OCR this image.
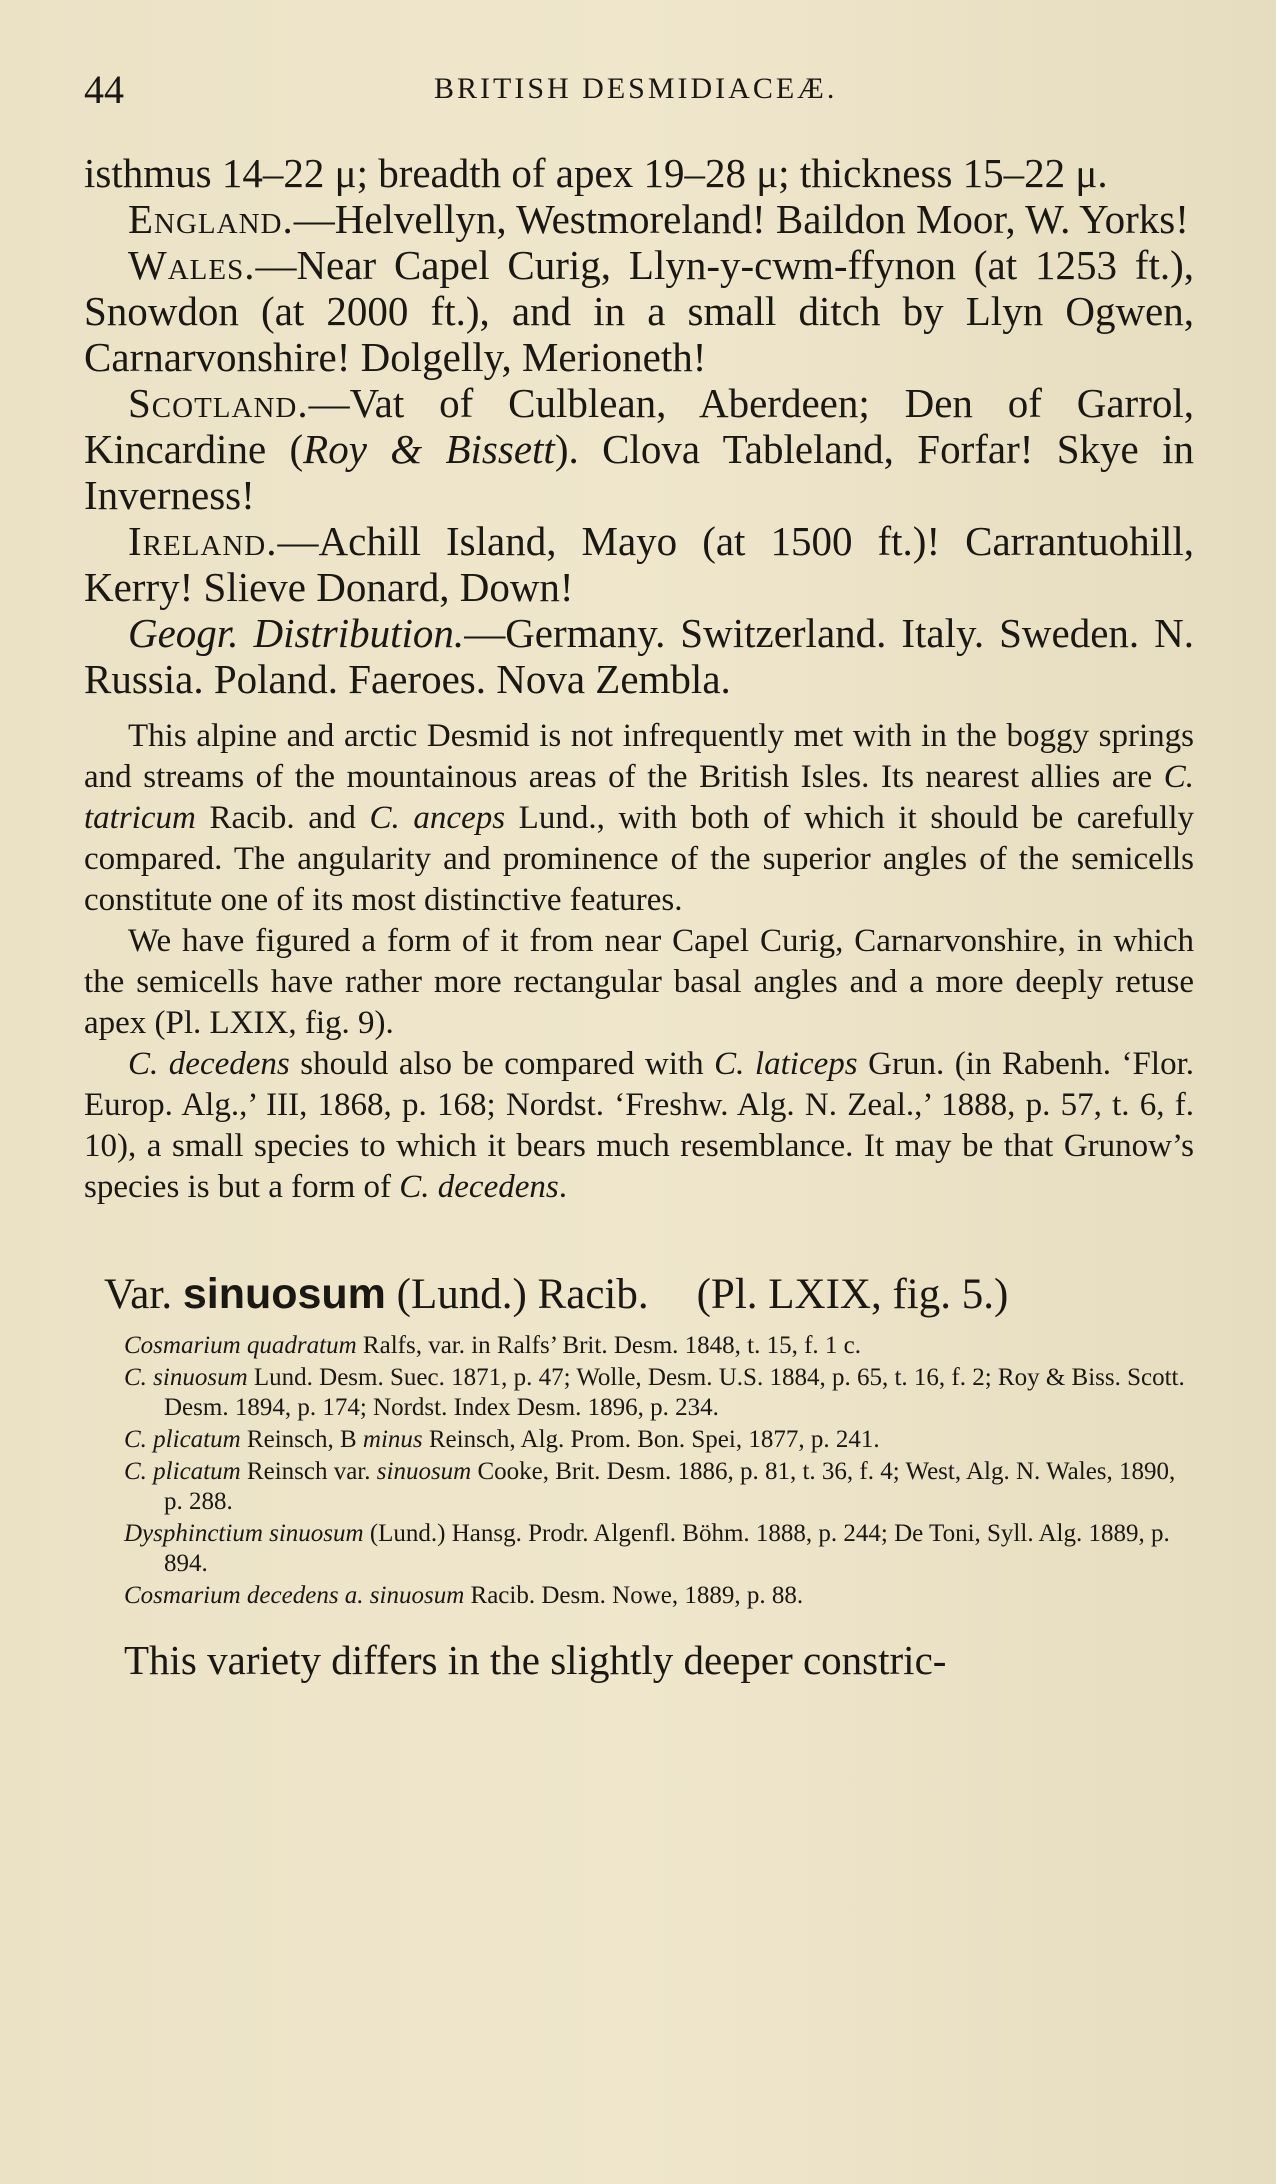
44	BRITISH DESMIDIACEÆ.

isthmus 14–22 μ; breadth of apex 19–28 μ; thickness 15–22 μ.

England.—Helvellyn, Westmoreland! Baildon Moor, W. Yorks!

Wales.—Near Capel Curig, Llyn-y-cwm-ffynon (at 1253 ft.), Snowdon (at 2000 ft.), and in a small ditch by Llyn Ogwen, Carnarvonshire! Dolgelly, Merioneth!

Scotland.—Vat of Culblean, Aberdeen; Den of Garrol, Kincardine (Roy & Bissett). Clova Tableland, Forfar! Skye in Inverness!

Ireland.—Achill Island, Mayo (at 1500 ft.)! Carrantuohill, Kerry! Slieve Donard, Down!

Geogr. Distribution.—Germany. Switzerland. Italy. Sweden. N. Russia. Poland. Faeroes. Nova Zembla.

This alpine and arctic Desmid is not infrequently met with in the boggy springs and streams of the mountainous areas of the British Isles. Its nearest allies are C. tatricum Racib. and C. anceps Lund., with both of which it should be carefully compared. The angularity and prominence of the superior angles of the semicells constitute one of its most distinctive features.

We have figured a form of it from near Capel Curig, Carnarvonshire, in which the semicells have rather more rectangular basal angles and a more deeply retuse apex (Pl. LXIX, fig. 9).

C. decedens should also be compared with C. laticeps Grun. (in Rabenh. ‘Flor. Europ. Alg.,’ III, 1868, p. 168; Nordst. ‘Freshw. Alg. N. Zeal.,’ 1888, p. 57, t. 6, f. 10), a small species to which it bears much resemblance. It may be that Grunow’s species is but a form of C. decedens.

Var. sinuosum (Lund.) Racib. (Pl. LXIX, fig. 5.)

Cosmarium quadratum Ralfs, var. in Ralfs’ Brit. Desm. 1848, t. 15, f. 1 c.

C. sinuosum Lund. Desm. Suec. 1871, p. 47; Wolle, Desm. U.S. 1884, p. 65, t. 16, f. 2; Roy & Biss. Scott. Desm. 1894, p. 174; Nordst. Index Desm. 1896, p. 234.

C. plicatum Reinsch, B minus Reinsch, Alg. Prom. Bon. Spei, 1877, p. 241.

C. plicatum Reinsch var. sinuosum Cooke, Brit. Desm. 1886, p. 81, t. 36, f. 4; West, Alg. N. Wales, 1890, p. 288.

Dysphinctium sinuosum (Lund.) Hansg. Prodr. Algenfl. Böhm. 1888, p. 244; De Toni, Syll. Alg. 1889, p. 894.

Cosmarium decedens a. sinuosum Racib. Desm. Nowe, 1889, p. 88.

This variety differs in the slightly deeper constric-
